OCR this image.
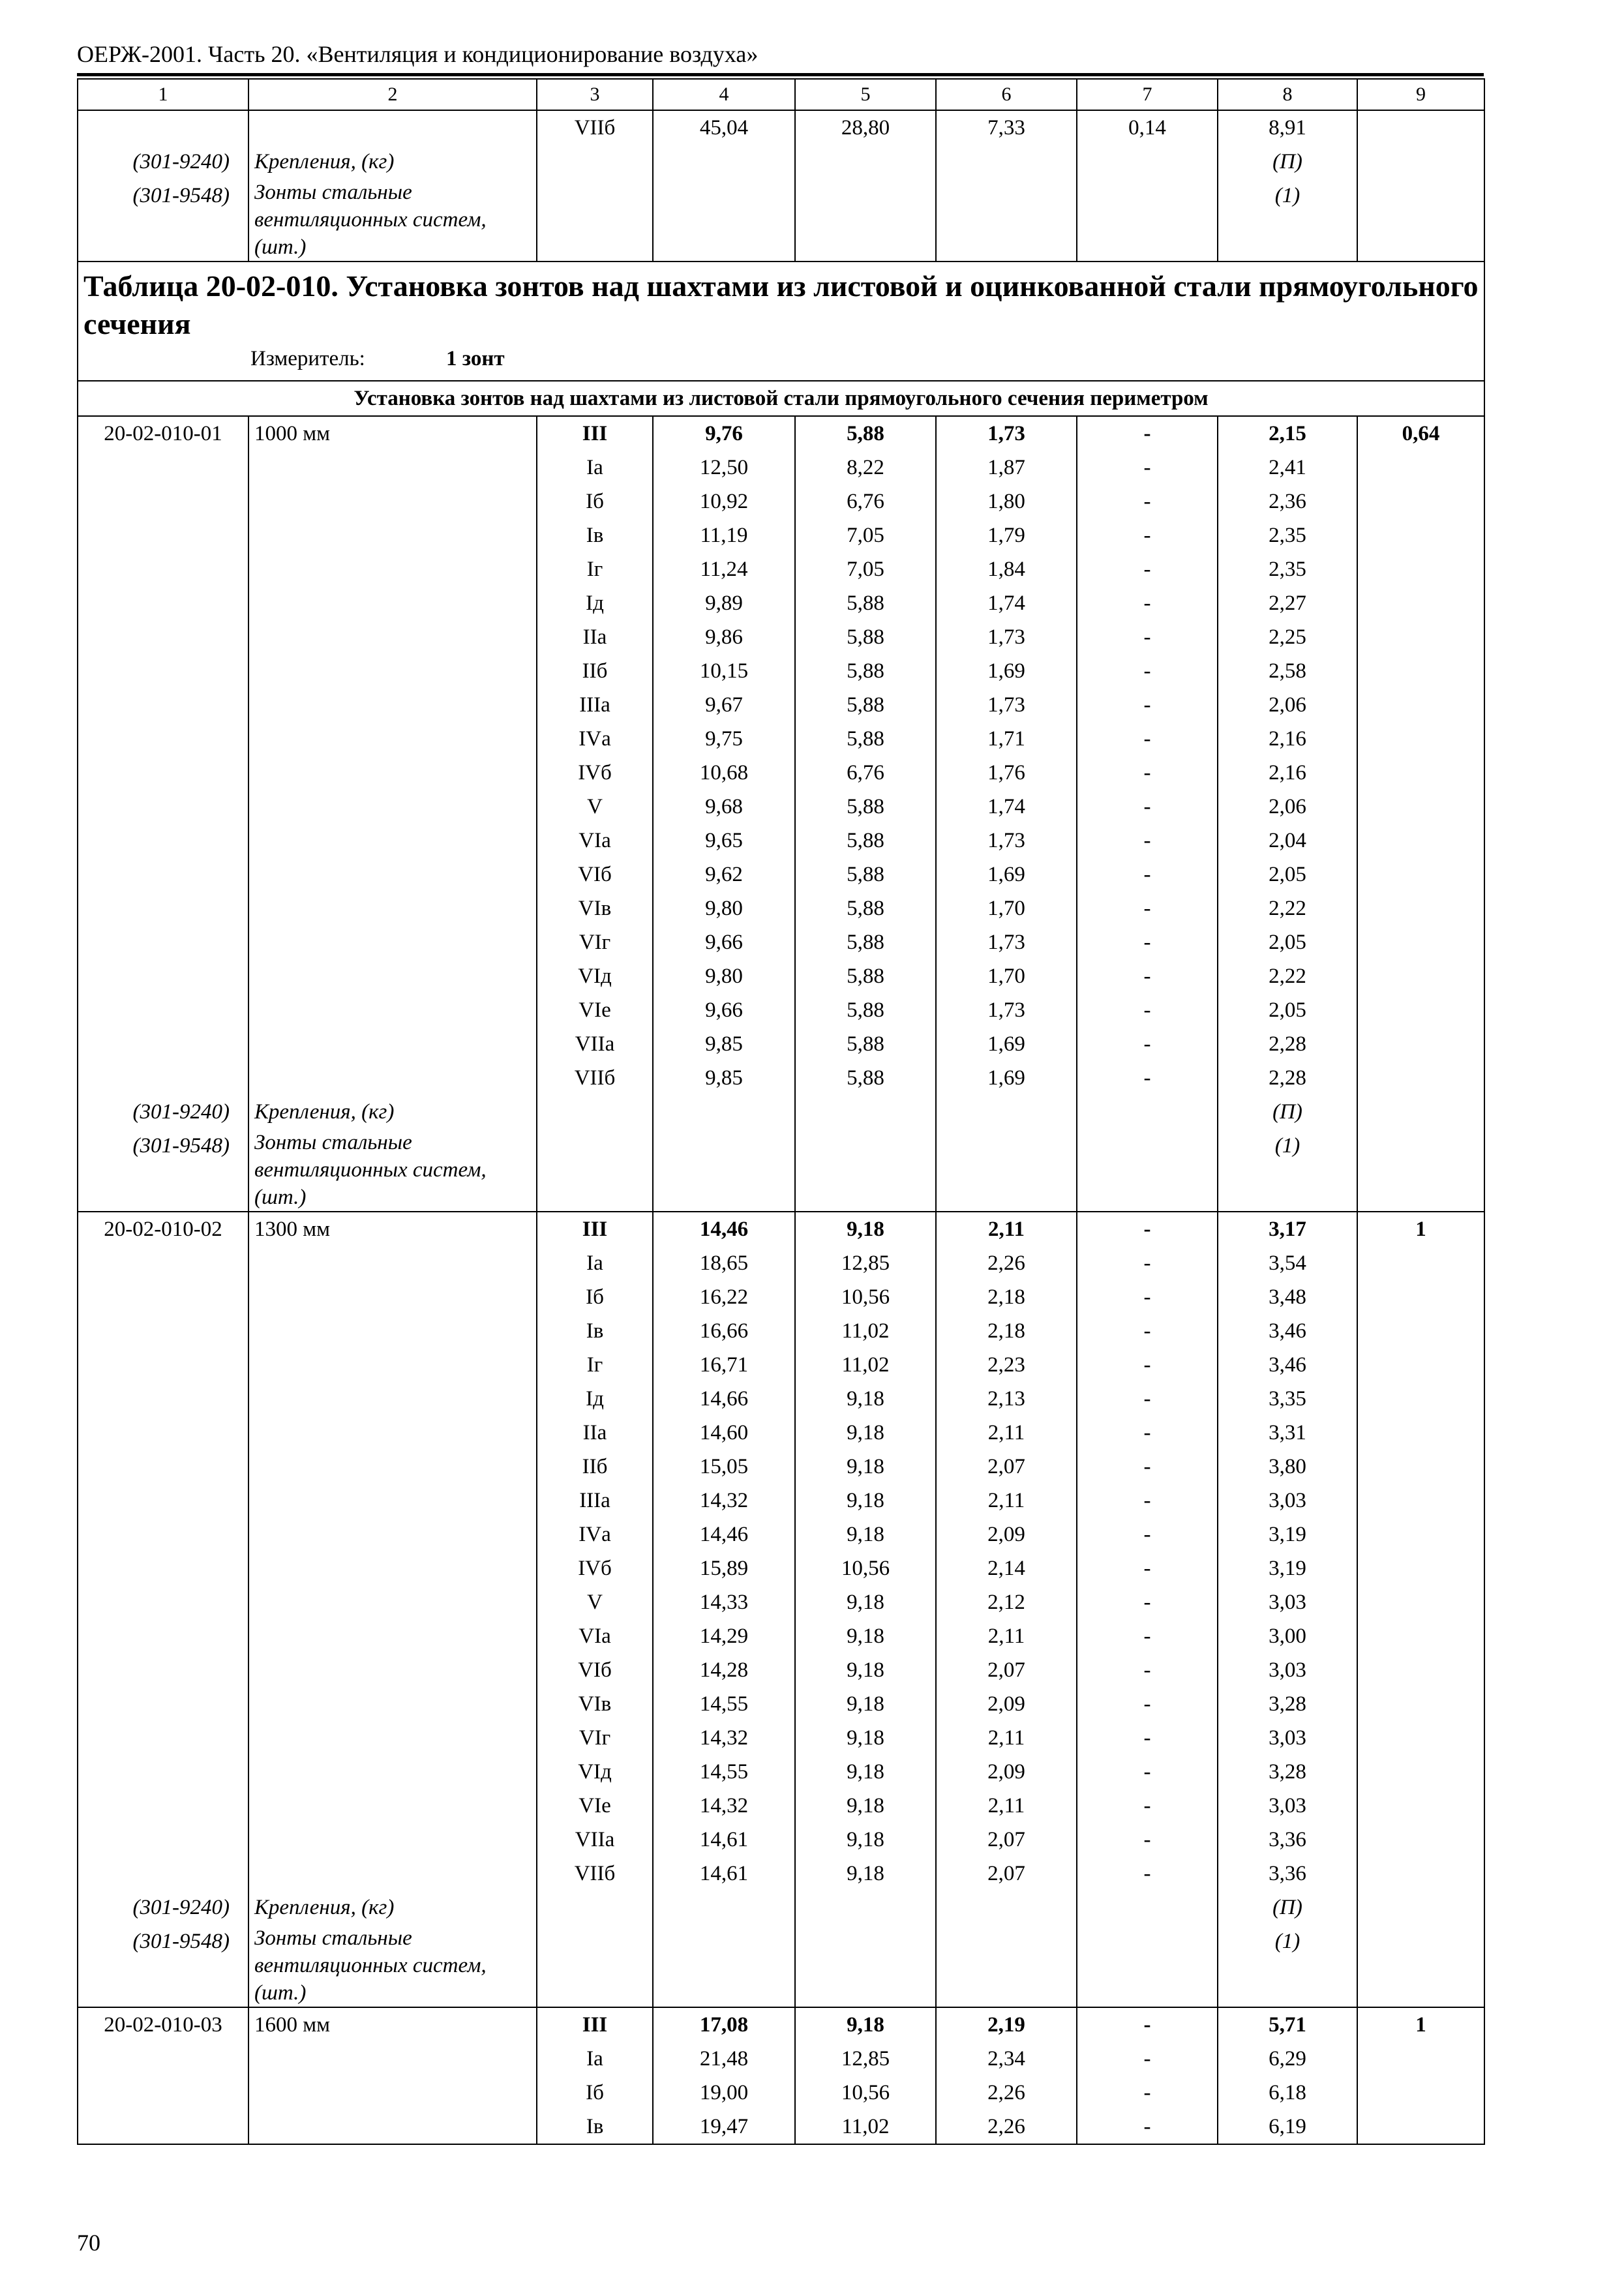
ОЕРЖ-2001. Часть 20. «Вентиляция и кондиционирование воздуха»
1	2	3	4	5	6	7	8	9
		VIIб	45,04	28,80	7,33	0,14	8,91	
(301-9240)	Крепления, (кг)						(П)	
(301-9548)	Зонты стальные вентиляционных систем, (шт.)						(1)	

Таблица 20-02-010. Установка зонтов над шахтами из листовой и оцинкованной стали прямоугольного сечения
Измеритель: 1 зонт								

Установка зонтов над шахтами из листовой стали прямоугольного сечения периметром								
20-02-010-01	1000 мм	III	9,76	5,88	1,73	-	2,15	0,64
		Iа	12,50	8,22	1,87	-	2,41	
		Iб	10,92	6,76	1,80	-	2,36	
		Iв	11,19	7,05	1,79	-	2,35	
		Iг	11,24	7,05	1,84	-	2,35	
		Iд	9,89	5,88	1,74	-	2,27	
		IIа	9,86	5,88	1,73	-	2,25	
		IIб	10,15	5,88	1,69	-	2,58	
		IIIа	9,67	5,88	1,73	-	2,06	
		IVа	9,75	5,88	1,71	-	2,16	
		IVб	10,68	6,76	1,76	-	2,16	
		V	9,68	5,88	1,74	-	2,06	
		VIа	9,65	5,88	1,73	-	2,04	
		VIб	9,62	5,88	1,69	-	2,05	
		VIв	9,80	5,88	1,70	-	2,22	
		VIг	9,66	5,88	1,73	-	2,05	
		VIд	9,80	5,88	1,70	-	2,22	
		VIе	9,66	5,88	1,73	-	2,05	
		VIIа	9,85	5,88	1,69	-	2,28	
		VIIб	9,85	5,88	1,69	-	2,28	
(301-9240)	Крепления, (кг)						(П)	
(301-9548)	Зонты стальные вентиляционных систем, (шт.)						(1)	
20-02-010-02	1300 мм	III	14,46	9,18	2,11	-	3,17	1
		Iа	18,65	12,85	2,26	-	3,54	
		Iб	16,22	10,56	2,18	-	3,48	
		Iв	16,66	11,02	2,18	-	3,46	
		Iг	16,71	11,02	2,23	-	3,46	
		Iд	14,66	9,18	2,13	-	3,35	
		IIа	14,60	9,18	2,11	-	3,31	
		IIб	15,05	9,18	2,07	-	3,80	
		IIIа	14,32	9,18	2,11	-	3,03	
		IVа	14,46	9,18	2,09	-	3,19	
		IVб	15,89	10,56	2,14	-	3,19	
		V	14,33	9,18	2,12	-	3,03	
		VIа	14,29	9,18	2,11	-	3,00	
		VIб	14,28	9,18	2,07	-	3,03	
		VIв	14,55	9,18	2,09	-	3,28	
		VIг	14,32	9,18	2,11	-	3,03	
		VIд	14,55	9,18	2,09	-	3,28	
		VIе	14,32	9,18	2,11	-	3,03	
		VIIа	14,61	9,18	2,07	-	3,36	
		VIIб	14,61	9,18	2,07	-	3,36	
(301-9240)	Крепления, (кг)						(П)	
(301-9548)	Зонты стальные вентиляционных систем, (шт.)						(1)	
20-02-010-03	1600 мм	III	17,08	9,18	2,19	-	5,71	1
		Iа	21,48	12,85	2,34	-	6,29	
		Iб	19,00	10,56	2,26	-	6,18	
		Iв	19,47	11,02	2,26	-	6,19	
70
